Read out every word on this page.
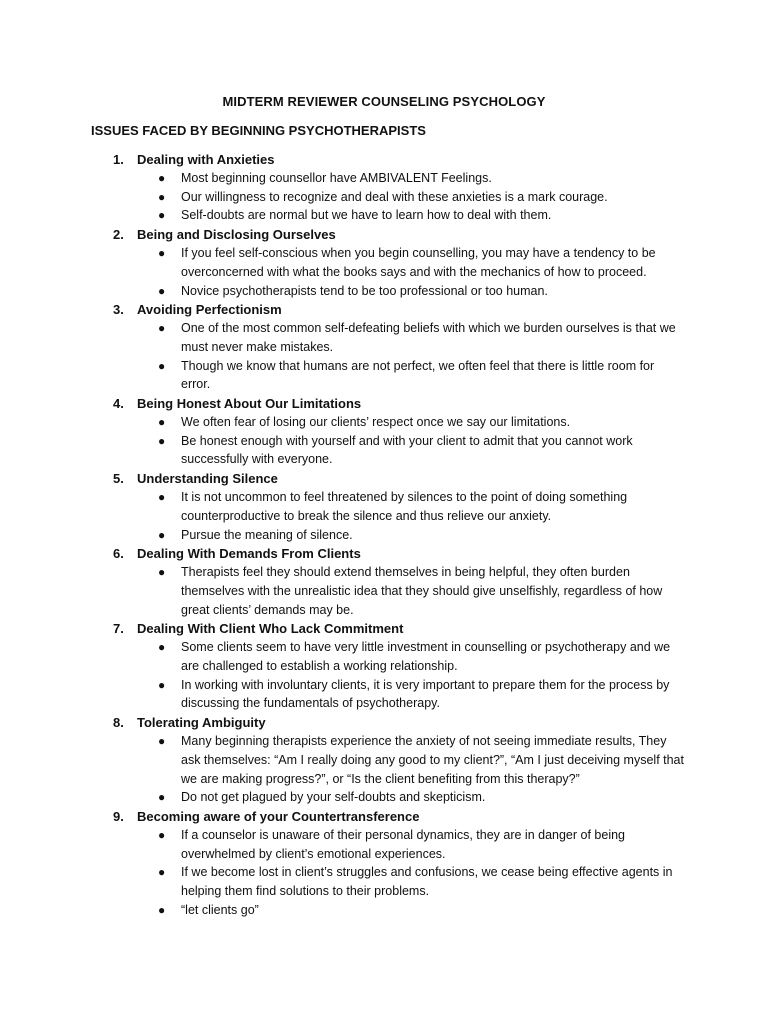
MIDTERM REVIEWER COUNSELING PSYCHOLOGY
ISSUES FACED BY BEGINNING PSYCHOTHERAPISTS
1.	Dealing with Anxieties
● Most beginning counsellor have AMBIVALENT Feelings.
● Our willingness to recognize and deal with these anxieties is a mark courage.
● Self-doubts are normal but we have to learn how to deal with them.
2.	Being and Disclosing Ourselves
● If you feel self-conscious when you begin counselling, you may have a tendency to be overconcerned with what the books says and with the mechanics of how to proceed.
● Novice psychotherapists tend to be too professional or too human.
3.	Avoiding Perfectionism
● One of the most common self-defeating beliefs with which we burden ourselves is that we must never make mistakes.
● Though we know that humans are not perfect, we often feel that there is little room for error.
4.	Being Honest About Our Limitations
● We often fear of losing our clients’ respect once we say our limitations.
● Be honest enough with yourself and with your client to admit that you cannot work successfully with everyone.
5.	Understanding Silence
● It is not uncommon to feel threatened by silences to the point of doing something counterproductive to break the silence and thus relieve our anxiety.
● Pursue the meaning of silence.
6.	Dealing With Demands From Clients
● Therapists feel they should extend themselves in being helpful, they often burden themselves with the unrealistic idea that they should give unselfishly, regardless of how great clients’ demands may be.
7.	Dealing With Client Who Lack Commitment
● Some clients seem to have very little investment in counselling or psychotherapy and we are challenged to establish a working relationship.
● In working with involuntary clients, it is very important to prepare them for the process by discussing the fundamentals of psychotherapy.
8.	Tolerating Ambiguity
● Many beginning therapists experience the anxiety of not seeing immediate results, They ask themselves: “Am I really doing any good to my client?”, “Am I just deceiving myself that we are making progress?”, or “Is the client benefiting from this therapy?”
● Do not get plagued by your self-doubts and skepticism.
9.	Becoming aware of your Countertransference
● If a counselor is unaware of their personal dynamics, they are in danger of being overwhelmed by client’s emotional experiences.
● If we become lost in client’s struggles and confusions, we cease being effective agents in helping them find solutions to their problems.
● “let clients go”
